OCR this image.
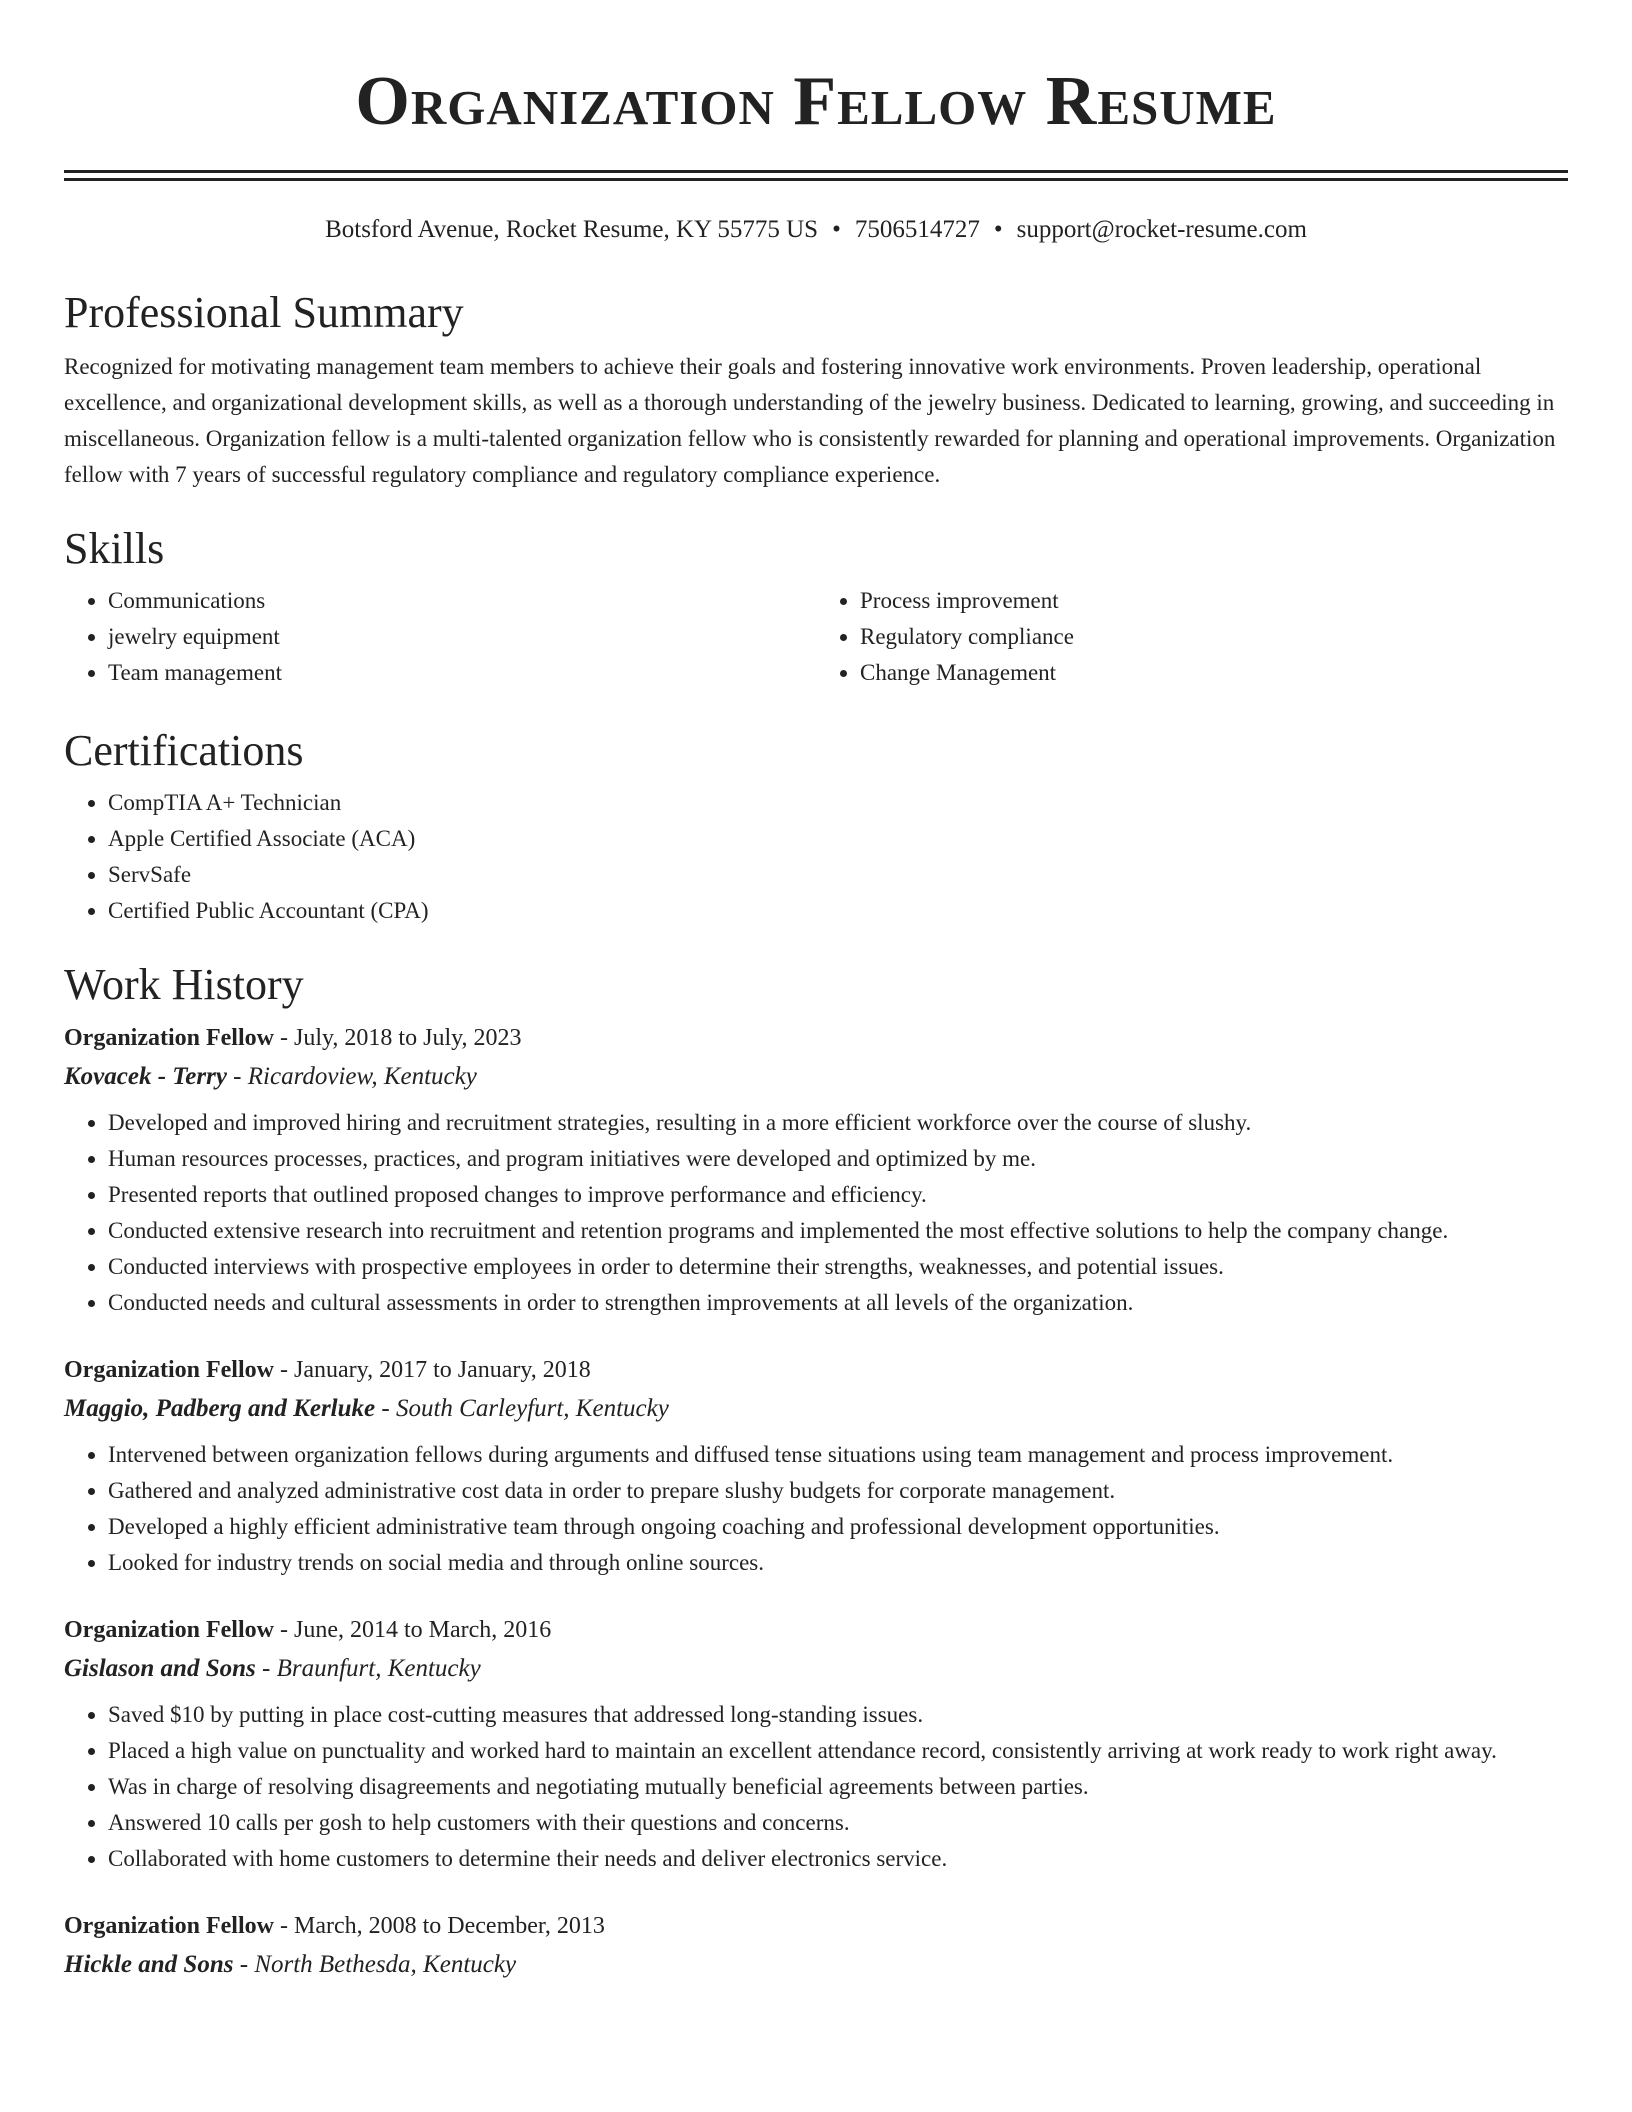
Organization Fellow Resume
Botsford Avenue, Rocket Resume, KY 55775 US • 7506514727 • support@rocket-resume.com
Professional Summary

Recognized for motivating management team members to achieve their goals and fostering innovative work environments. Proven leadership, operational excellence, and organizational development skills, as well as a thorough understanding of the jewelry business. Dedicated to learning, growing, and succeeding in miscellaneous. Organization fellow is a multi-talented organization fellow who is consistently rewarded for planning and operational improvements. Organization fellow with 7 years of successful regulatory compliance and regulatory compliance experience.

Skills
• Communications
• jewelry equipment
• Team management
• Process improvement
• Regulatory compliance
• Change Management
Certifications
• CompTIA A+ Technician
• Apple Certified Associate (ACA)
• ServSafe
• Certified Public Accountant (CPA)
Work History
Organization Fellow - July, 2018 to July, 2023
Kovacek - Terry - Ricardoview, Kentucky
• Developed and improved hiring and recruitment strategies, resulting in a more efficient workforce over the course of slushy.
• Human resources processes, practices, and program initiatives were developed and optimized by me.
• Presented reports that outlined proposed changes to improve performance and efficiency.
• Conducted extensive research into recruitment and retention programs and implemented the most effective solutions to help the company change.
• Conducted interviews with prospective employees in order to determine their strengths, weaknesses, and potential issues.
• Conducted needs and cultural assessments in order to strengthen improvements at all levels of the organization.
Organization Fellow - January, 2017 to January, 2018
Maggio, Padberg and Kerluke - South Carleyfurt, Kentucky
• Intervened between organization fellows during arguments and diffused tense situations using team management and process improvement.
• Gathered and analyzed administrative cost data in order to prepare slushy budgets for corporate management.
• Developed a highly efficient administrative team through ongoing coaching and professional development opportunities.
• Looked for industry trends on social media and through online sources.
Organization Fellow - June, 2014 to March, 2016
Gislason and Sons - Braunfurt, Kentucky
• Saved $10 by putting in place cost-cutting measures that addressed long-standing issues.
• Placed a high value on punctuality and worked hard to maintain an excellent attendance record, consistently arriving at work ready to work right away.
• Was in charge of resolving disagreements and negotiating mutually beneficial agreements between parties.
• Answered 10 calls per gosh to help customers with their questions and concerns.
• Collaborated with home customers to determine their needs and deliver electronics service.
Organization Fellow - March, 2008 to December, 2013
Hickle and Sons - North Bethesda, Kentucky
